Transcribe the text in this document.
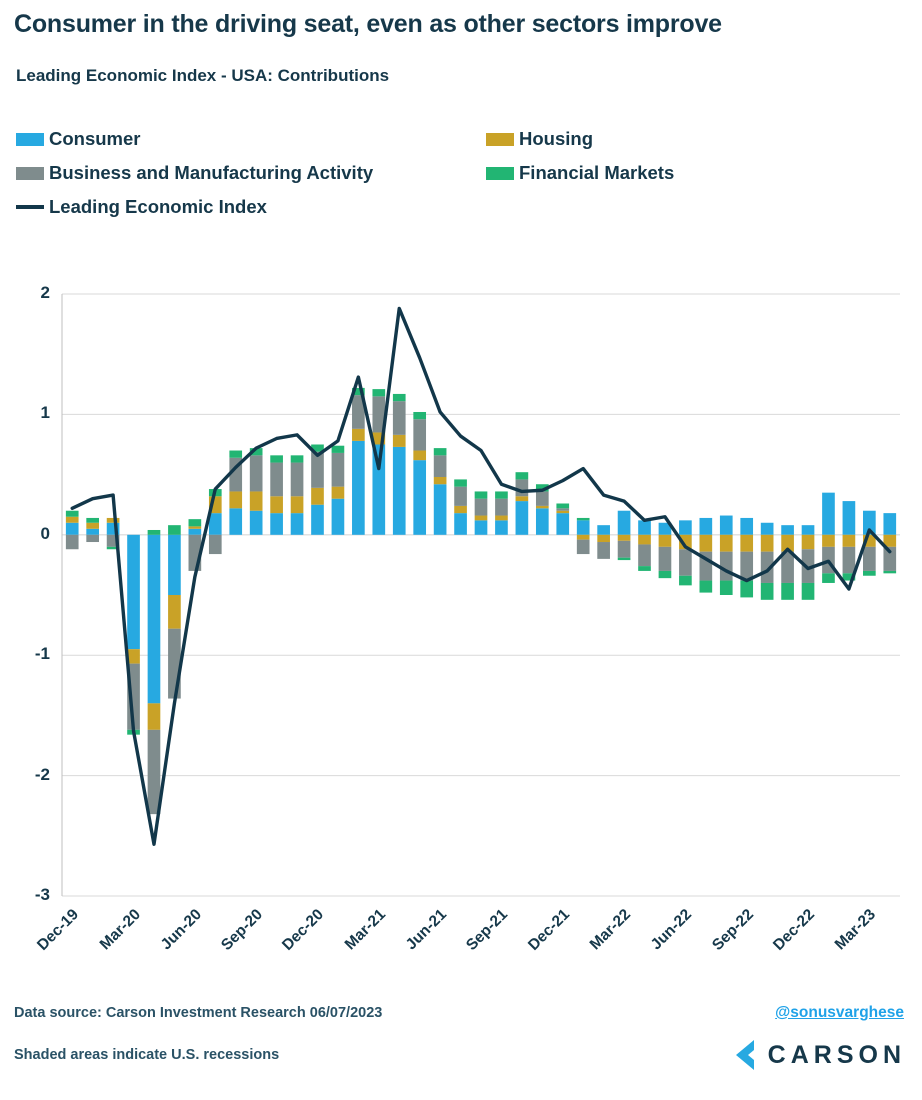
Consumer in the driving seat, even as other sectors improve
Leading Economic Index - USA: Contributions
Consumer	Housing
Business and Manufacturing Activity	Financial Markets
Leading Economic Index
2
1
0
-1
-2
-3
Dec-19 Mar-20 Jun-20 Sep-20 Dec-20 Mar-21 Jun-21 Sep-21 Dec-21 Mar-22 Jun-22 Sep-22 Dec-22 Mar-23
Data source: Carson Investment Research 06/07/2023
Shaded areas indicate U.S. recessions
@sonusvarghese
CARSON
